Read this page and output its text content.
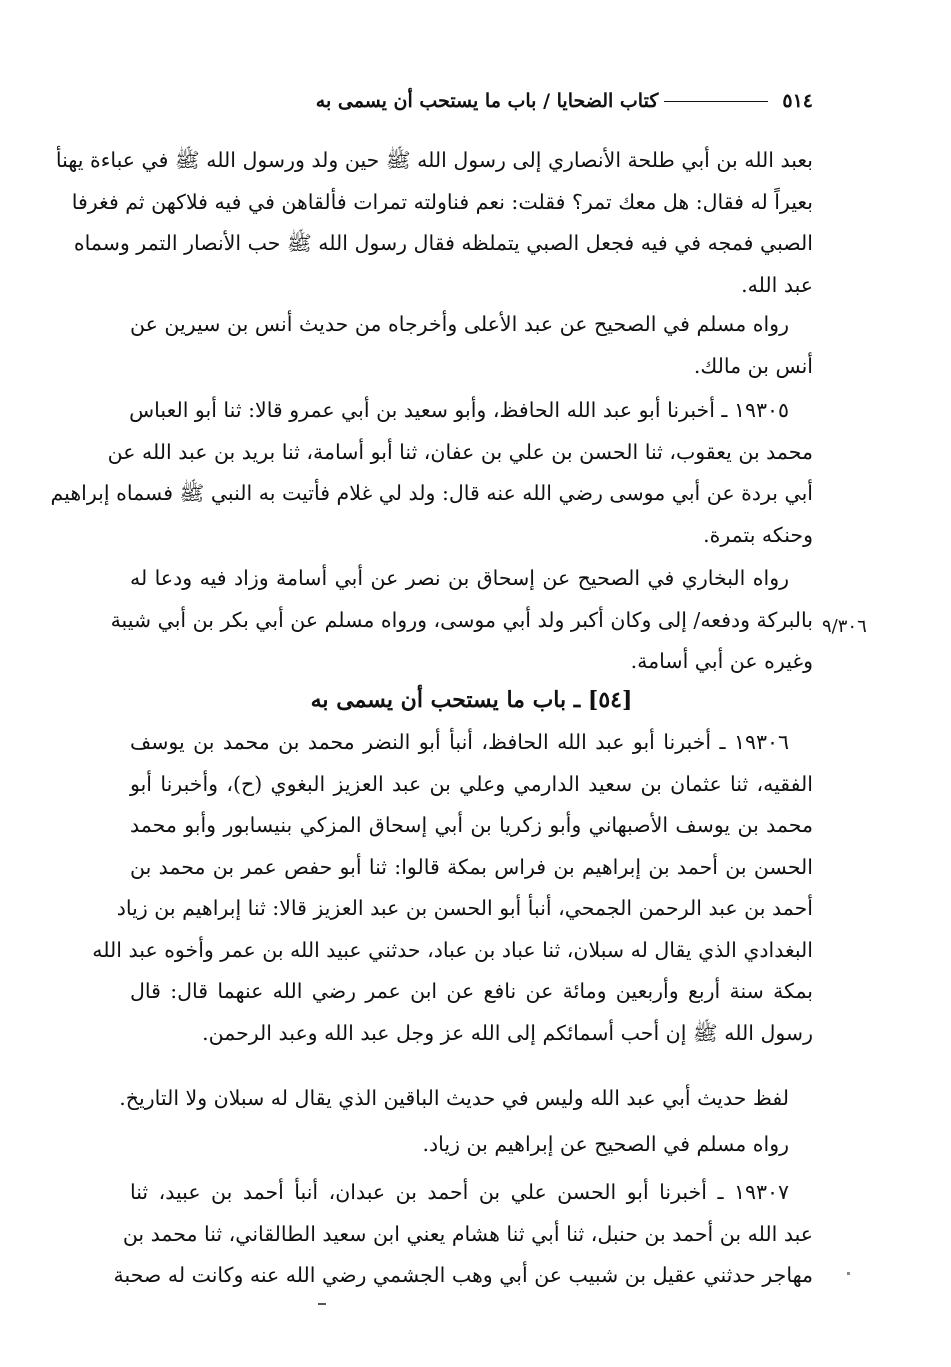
٥١٤
كتاب الضحايا / باب ما يستحب أن يسمى به
بعبد الله بن أبي طلحة الأنصاري إلى رسول الله ﷺ حين ولد ورسول الله ﷺ في عباءة يهنأ
بعيراً له فقال: هل معك تمر؟ فقلت: نعم فناولته تمرات فألقاهن في فيه فلاكهن ثم فغرفا
الصبي فمجه في فيه فجعل الصبي يتملظه فقال رسول الله ﷺ حب الأنصار التمر وسماه
عبد الله.
رواه مسلم في الصحيح عن عبد الأعلى وأخرجاه من حديث أنس بن سيرين عن
أنس بن مالك.
١٩٣٠٥ ـ أخبرنا أبو عبد الله الحافظ، وأبو سعيد بن أبي عمرو قالا: ثنا أبو العباس
محمد بن يعقوب، ثنا الحسن بن علي بن عفان، ثنا أبو أسامة، ثنا بريد بن عبد الله عن
أبي بردة عن أبي موسى رضي الله عنه قال: ولد لي غلام فأتيت به النبي ﷺ فسماه إبراهيم
وحنكه بتمرة.
رواه البخاري في الصحيح عن إسحاق بن نصر عن أبي أسامة وزاد فيه ودعا له
بالبركة ودفعه/ إلى وكان أكبر ولد أبي موسى، ورواه مسلم عن أبي بكر بن أبي شيبة
وغيره عن أبي أسامة.
٩/٣٠٦
[٥٤] ـ باب ما يستحب أن يسمى به
١٩٣٠٦ ـ أخبرنا أبو عبد الله الحافظ، أنبأ أبو النضر محمد بن محمد بن يوسف
الفقيه، ثنا عثمان بن سعيد الدارمي وعلي بن عبد العزيز البغوي (ح)، وأخبرنا أبو
محمد بن يوسف الأصبهاني وأبو زكريا بن أبي إسحاق المزكي بنيسابور وأبو محمد
الحسن بن أحمد بن إبراهيم بن فراس بمكة قالوا: ثنا أبو حفص عمر بن محمد بن
أحمد بن عبد الرحمن الجمحي، أنبأ أبو الحسن بن عبد العزيز قالا: ثنا إبراهيم بن زياد
البغدادي الذي يقال له سبلان، ثنا عباد بن عباد، حدثني عبيد الله بن عمر وأخوه عبد الله
بمكة سنة أربع وأربعين ومائة عن نافع عن ابن عمر رضي الله عنهما قال: قال
رسول الله ﷺ إن أحب أسمائكم إلى الله عز وجل عبد الله وعبد الرحمن.
لفظ حديث أبي عبد الله وليس في حديث الباقين الذي يقال له سبلان ولا التاريخ.
رواه مسلم في الصحيح عن إبراهيم بن زياد.
١٩٣٠٧ ـ أخبرنا أبو الحسن علي بن أحمد بن عبدان، أنبأ أحمد بن عبيد، ثنا
عبد الله بن أحمد بن حنبل، ثنا أبي ثنا هشام يعني ابن سعيد الطالقاني، ثنا محمد بن
مهاجر حدثني عقيل بن شبيب عن أبي وهب الجشمي رضي الله عنه وكانت له صحبة
